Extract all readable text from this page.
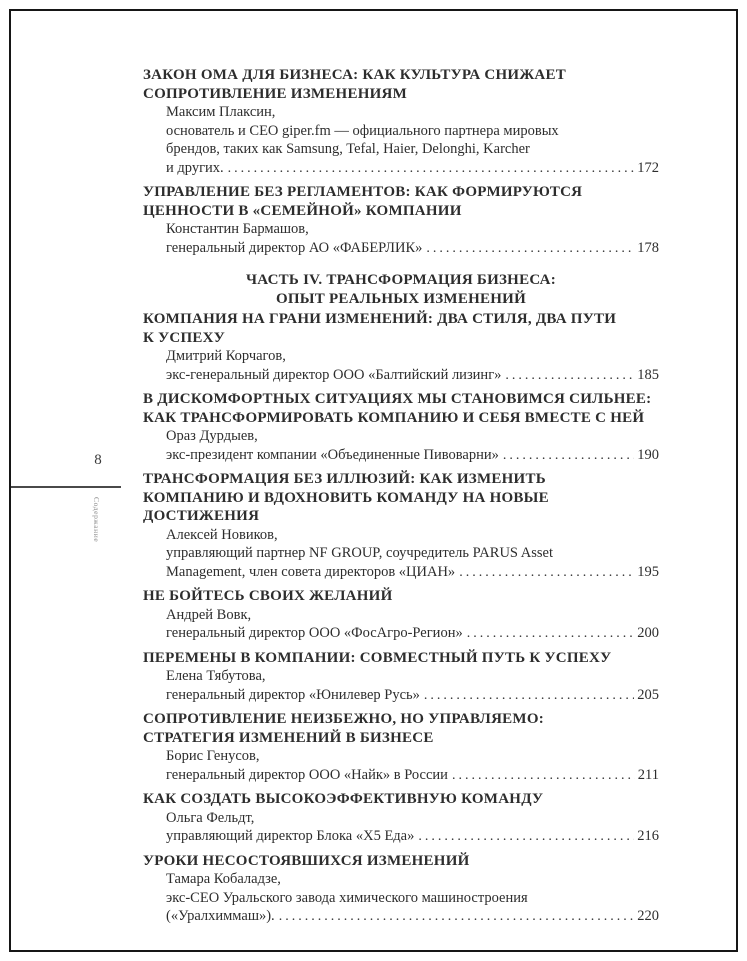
8
Содержание
ЗАКОН ОМА ДЛЯ БИЗНЕСА: КАК КУЛЬТУРА СНИЖАЕТ
СОПРОТИВЛЕНИЕ ИЗМЕНЕНИЯМ
Максим Плаксин,
основатель и CEO giper.fm — официального партнера мировых
брендов, таких как Samsung, Tefal, Haier, Delonghi, Karcher
и других. .....	172
УПРАВЛЕНИЕ БЕЗ РЕГЛАМЕНТОВ: КАК ФОРМИРУЮТСЯ
ЦЕННОСТИ В «СЕМЕЙНОЙ» КОМПАНИИ
Константин Бармашов,
генеральный директор АО «ФАБЕРЛИК» .....	178
ЧАСТЬ IV. ТРАНСФОРМАЦИЯ БИЗНЕСА:
ОПЫТ РЕАЛЬНЫХ ИЗМЕНЕНИЙ
КОМПАНИЯ НА ГРАНИ ИЗМЕНЕНИЙ: ДВА СТИЛЯ, ДВА ПУТИ
К УСПЕХУ
Дмитрий Корчагов,
экс-генеральный директор ООО «Балтийский лизинг» .....	185
В ДИСКОМФОРТНЫХ СИТУАЦИЯХ МЫ СТАНОВИМСЯ СИЛЬНЕЕ:
КАК ТРАНСФОРМИРОВАТЬ КОМПАНИЮ И СЕБЯ ВМЕСТЕ С НЕЙ
Ораз Дурдыев,
экс-президент компании «Объединенные Пивоварни» .....	190
ТРАНСФОРМАЦИЯ БЕЗ ИЛЛЮЗИЙ: КАК ИЗМЕНИТЬ
КОМПАНИЮ И ВДОХНОВИТЬ КОМАНДУ НА НОВЫЕ
ДОСТИЖЕНИЯ
Алексей Новиков,
управляющий партнер NF GROUP, соучредитель PARUS Asset
Management, член совета директоров «ЦИАН» .....	195
НЕ БОЙТЕСЬ СВОИХ ЖЕЛАНИЙ
Андрей Вовк,
генеральный директор ООО «ФосАгро-Регион» .....	200
ПЕРЕМЕНЫ В КОМПАНИИ: СОВМЕСТНЫЙ ПУТЬ К УСПЕХУ
Елена Тябутова,
генеральный директор «Юнилевер Русь» .....	205
СОПРОТИВЛЕНИЕ НЕИЗБЕЖНО, НО УПРАВЛЯЕМО:
СТРАТЕГИЯ ИЗМЕНЕНИЙ В БИЗНЕСЕ
Борис Генусов,
генеральный директор ООО «Найк» в России .....	211
КАК СОЗДАТЬ ВЫСОКОЭФФЕКТИВНУЮ КОМАНДУ
Ольга Фельдт,
управляющий директор Блока «Х5 Еда» .....	216
УРОКИ НЕСОСТОЯВШИХСЯ ИЗМЕНЕНИЙ
Тамара Кобаладзе,
экс-CEO Уральского завода химического машиностроения
(«Уралхиммаш»). .....	220
